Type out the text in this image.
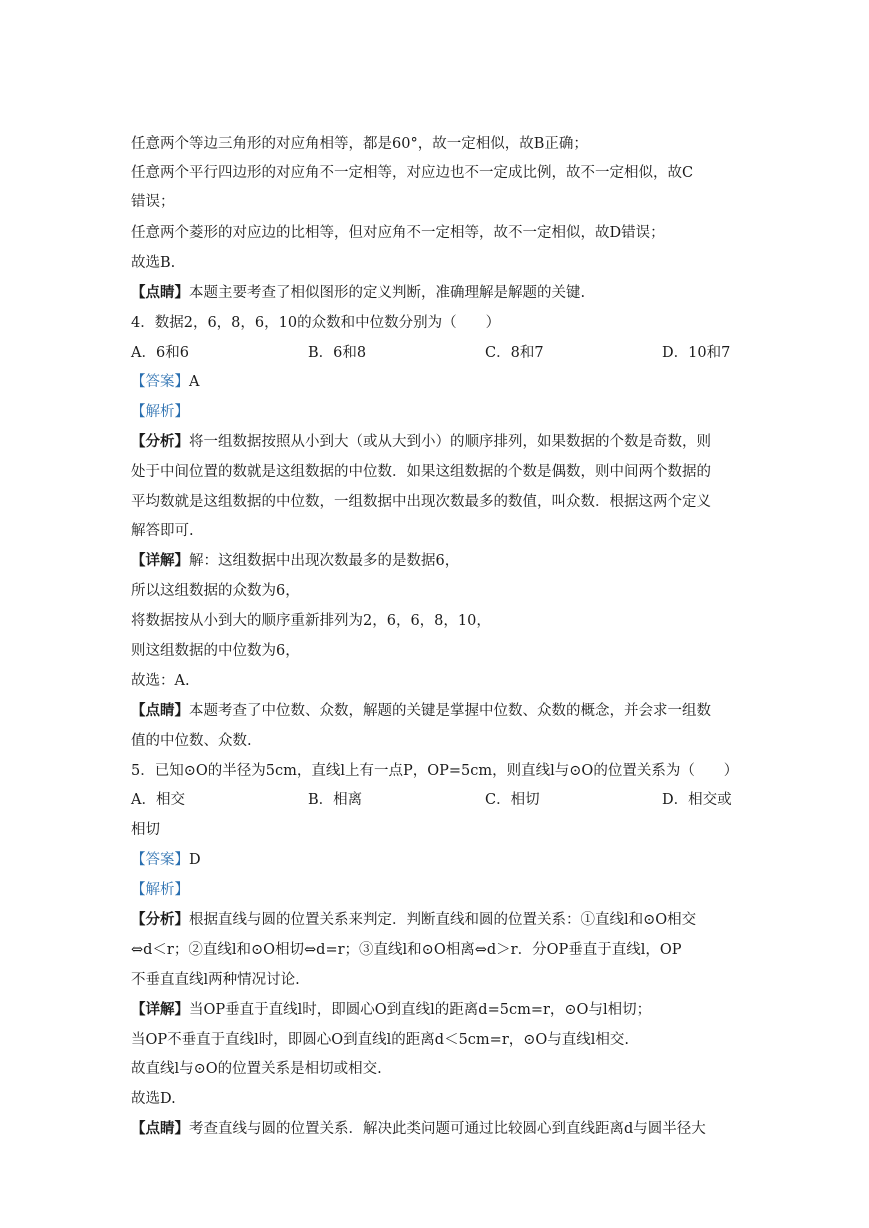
任意两个等边三角形的对应角相等，都是60°，故一定相似，故B正确；
任意两个平行四边形的对应角不一定相等，对应边也不一定成比例，故不一定相似，故C
错误；
任意两个菱形的对应边的比相等，但对应角不一定相等，故不一定相似，故D错误；
故选B.
【点睛】本题主要考查了相似图形的定义判断，准确理解是解题的关键.
4．数据2，6，8，6，10的众数和中位数分别为（　　）
A．6和6	B．6和8	C．8和7	D．10和7
【答案】A
【解析】
【分析】将一组数据按照从小到大（或从大到小）的顺序排列，如果数据的个数是奇数，则
处于中间位置的数就是这组数据的中位数．如果这组数据的个数是偶数，则中间两个数据的
平均数就是这组数据的中位数，一组数据中出现次数最多的数值，叫众数．根据这两个定义
解答即可.
【详解】解：这组数据中出现次数最多的是数据6，
所以这组数据的众数为6，
将数据按从小到大的顺序重新排列为2，6，6，8，10，
则这组数据的中位数为6，
故选：A.
【点睛】本题考查了中位数、众数，解题的关键是掌握中位数、众数的概念，并会求一组数
值的中位数、众数.
5．已知⊙O的半径为5cm，直线l上有一点P，OP=5cm，则直线l与⊙O的位置关系为（　　）
A．相交	B．相离	C．相切	D．相交或
相切
【答案】D
【解析】
【分析】根据直线与圆的位置关系来判定．判断直线和圆的位置关系：①直线l和⊙O相交
⇔d＜r；②直线l和⊙O相切⇔d=r；③直线l和⊙O相离⇔d＞r．分OP垂直于直线l，OP
不垂直直线l两种情况讨论.
【详解】当OP垂直于直线l时，即圆心O到直线l的距离d=5cm=r，⊙O与l相切；
当OP不垂直于直线l时，即圆心O到直线l的距离d＜5cm=r，⊙O与直线l相交.
故直线l与⊙O的位置关系是相切或相交.
故选D.
【点睛】考查直线与圆的位置关系．解决此类问题可通过比较圆心到直线距离d与圆半径大
